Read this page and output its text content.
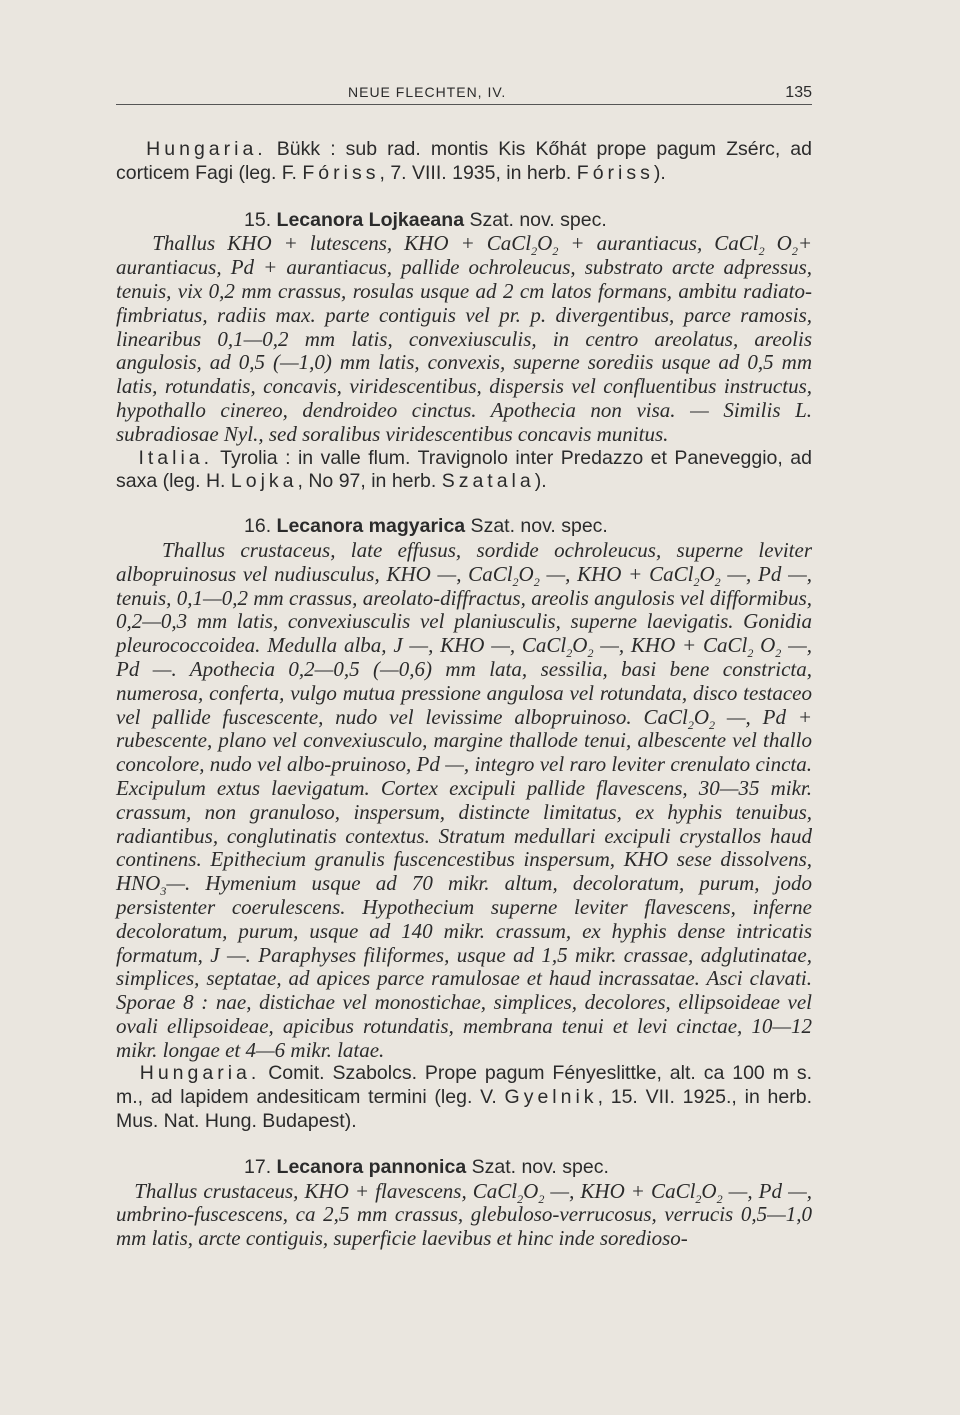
NEUE FLECHTEN, IV.	135

Hungaria. Bükk : sub rad. montis Kis Kőhát prope pagum Zsérc, ad corticem Fagi (leg. F. Fóriss, 7. VIII. 1935, in herb. Fóriss).

15. Lecanora Lojkaeana Szat. nov. spec.

Thallus KHO + lutescens, KHO + $CaCl_2O_2$ + aurantiacus, CaCl$_2$ $O_2+$ aurantiacus, Pd + aurantiacus, pallide ochroleucus, substrato arcte adpressus, tenuis, vix 0,2 mm crassus, rosulas usque ad 2 cm latos formans, ambitu radiato-fimbriatus, radiis max. parte contiguis vel pr. p. divergentibus, parce ramosis, linearibus 0,1—0,2 mm latis, convexiusculis, in centro areolatus, areolis angulosis, ad 0,5 (—1,0) mm latis, convexis, superne sorediis usque ad 0,5 mm latis, rotundatis, concavis, viridescentibus, dispersis vel confluentibus instructus, hypothallo cinereo, dendroideo cinctus. Apothecia non visa. — Similis L. subradiosae Nyl., sed soralibus viridescentibus concavis munitus.

Italia. Tyrolia : in valle flum. Travignolo inter Predazzo et Paneveggio, ad saxa (leg. H. Lojka, No 97, in herb. Szatala).

16. Lecanora magyarica Szat. nov. spec.

Thallus crustaceus, late effusus, sordide ochroleucus, superne leviter albopruinosus vel nudiusculus, KHO —, $CaCl_2O_2$ —, KHO + $CaCl_2O_2$ —, Pd —, tenuis, 0,1—0,2 mm crassus, areolato-diffractus, areolis angulosis vel difformibus, 0,2—0,3 mm latis, convexiusculis vel planiusculis, superne laevigatis. Gonidia pleurococcoidea. Medulla alba, J —, KHO —, $CaCl_2O_2$ —, KHO + CaCl$_2$ $O_2$ —, Pd —. Apothecia 0,2—0,5 (—0,6) mm lata, sessilia, basi bene constricta, numerosa, conferta, vulgo mutua pressione angulosa vel rotundata, disco testaceo vel pallide fuscescente, nudo vel levissime albopruinoso. $CaCl_2O_2$ —, Pd + rubescente, plano vel convexiusculo, margine thallode tenui, albescente vel thallo concolore, nudo vel albo-pruinoso, Pd —, integro vel raro leviter crenulato cincta. Excipulum extus laevigatum. Cortex excipuli pallide flavescens, 30—35 mikr. crassum, non granuloso, inspersum, distincte limitatus, ex hyphis tenuibus, radiantibus, conglutinatis contextus. Stratum medullari excipuli crystallos haud continens. Epithecium granulis fuscencestibus inspersum, KHO sese dissolvens, $HNO_3—$. Hymenium usque ad 70 mikr. altum, decoloratum, purum, jodo persistenter coerulescens. Hypothecium superne leviter flavescens, inferne decoloratum, purum, usque ad 140 mikr. crassum, ex hyphis dense intricatis formatum, J —. Paraphyses filiformes, usque ad 1,5 mikr. crassae, adglutinatae, simplices, septatae, ad apices parce ramulosae et haud incrassatae. Asci clavati. Sporae 8 : nae, distichae vel monostichae, simplices, decolores, ellipsoideae vel ovali ellipsoideae, apicibus rotundatis, membrana tenui et levi cinctae, 10—12 mikr. longae et 4—6 mikr. latae.

Hungaria. Comit. Szabolcs. Prope pagum Fényeslittke, alt. ca 100 m s. m., ad lapidem andesiticam termini (leg. V. Gyelnik, 15. VII. 1925., in herb. Mus. Nat. Hung. Budapest).

17. Lecanora pannonica Szat. nov. spec.

Thallus crustaceus, KHO + flavescens, $CaCl_2O_2$ —, KHO + $CaCl_2O_2$ —, Pd —, umbrino-fuscescens, ca 2,5 mm crassus, glebuloso-verrucosus, verrucis 0,5—1,0 mm latis, arcte contiguis, superficie laevibus et hinc inde soredioso-
